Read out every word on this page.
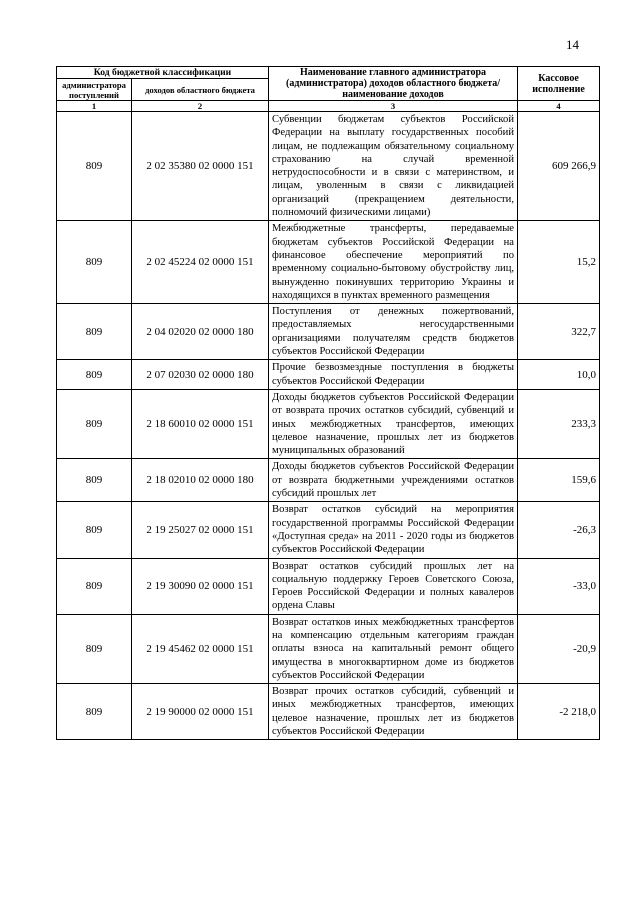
14
Код бюджетной классификации		Наименование главного администратора (администратора) доходов областного бюджета/ наименование доходов	Кассовое исполнение
администратора поступлений	доходов областного бюджета		
1	2	3	4
809	2 02 35380 02 0000 151	Субвенции бюджетам субъектов Российской Федерации на выплату государственных пособий лицам, не подлежащим обязательному социальному страхованию на случай временной нетрудоспособности и в связи с материнством, и лицам, уволенным в связи с ликвидацией организаций (прекращением деятельности, полномочий физическими лицами)	609 266,9
809	2 02 45224 02 0000 151	Межбюджетные трансферты, передаваемые бюджетам субъектов Российской Федерации на финансовое обеспечение мероприятий по временному социально-бытовому обустройству лиц, вынужденно покинувших территорию Украины и находящихся в пунктах временного размещения	15,2
809	2 04 02020 02 0000 180	Поступления от денежных пожертвований, предоставляемых негосударственными организациями получателям средств бюджетов субъектов Российской Федерации	322,7
809	2 07 02030 02 0000 180	Прочие безвозмездные поступления в бюджеты субъектов Российской Федерации	10,0
809	2 18 60010 02 0000 151	Доходы бюджетов субъектов Российской Федерации от возврата прочих остатков субсидий, субвенций и иных межбюджетных трансфертов, имеющих целевое назначение, прошлых лет из бюджетов муниципальных образований	233,3
809	2 18 02010 02 0000 180	Доходы бюджетов субъектов Российской Федерации от возврата бюджетными учреждениями остатков субсидий прошлых лет	159,6
809	2 19 25027 02 0000 151	Возврат остатков субсидий на мероприятия государственной программы Российской Федерации «Доступная среда» на 2011 - 2020 годы из бюджетов субъектов Российской Федерации	-26,3
809	2 19 30090 02 0000 151	Возврат остатков субсидий прошлых лет на социальную поддержку Героев Советского Союза, Героев Российской Федерации и полных кавалеров ордена Славы	-33,0
809	2 19 45462 02 0000 151	Возврат остатков иных межбюджетных трансфертов на компенсацию отдельным категориям граждан оплаты взноса на капитальный ремонт общего имущества в многоквартирном доме из бюджетов субъектов Российской Федерации	-20,9
809	2 19 90000 02 0000 151	Возврат прочих остатков субсидий, субвенций и иных межбюджетных трансфертов, имеющих целевое назначение, прошлых лет из бюджетов субъектов Российской Федерации	-2 218,0
